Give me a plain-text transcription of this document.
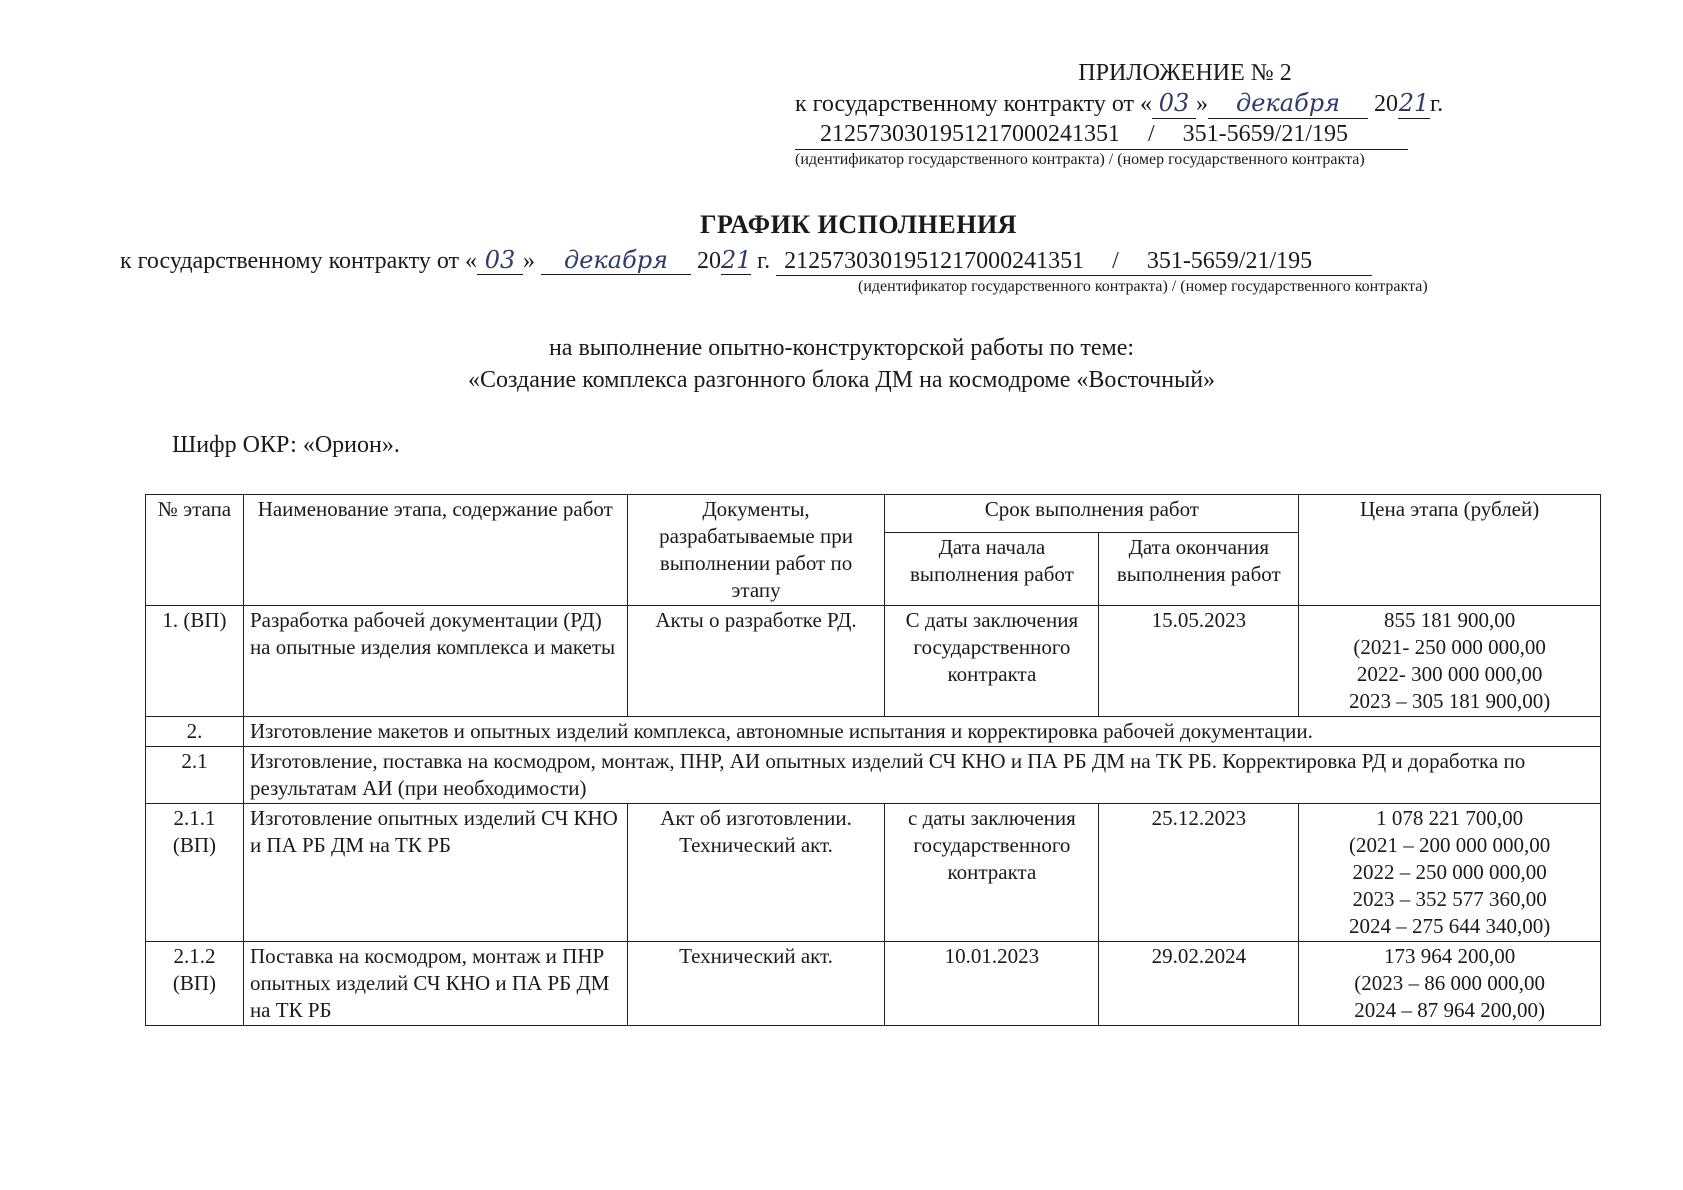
ПРИЛОЖЕНИЕ № 2
к государственному контракту от « 03 » декабря 2021г.
212573030195121700024135​1 / 351-5659/21/195
(идентификатор государственного контракта) / (номер государственного контракта)
ГРАФИК ИСПОЛНЕНИЯ
к государственному контракту от « 03 » декабря 2021 г. 212573030195121700024135​1 / 351-5659/21/195
(идентификатор государственного контракта) / (номер государственного контракта)
на выполнение опытно-конструкторской работы по теме:
«Создание комплекса разгонного блока ДМ на космодроме «Восточный»
Шифр ОКР: «Орион».
№ этапа	Наименование этапа, содержание работ	Документы, разрабатываемые при выполнении работ по этапу	Срок выполнения работ		Цена этапа (рублей)
			Дата начала выполнения работ	Дата окончания выполнения работ	
1. (ВП)	Разработка рабочей документации (РД) на опытные изделия комплекса и макеты	Акты о разработке РД.	С даты заключения государственного контракта	15.05.2023	855 181 900,00
(2021- 250 000 000,00
2022- 300 000 000,00
2023 – 305 181 900,00)

2.	Изготовление макетов и опытных изделий комплекса, автономные испытания и корректировка рабочей документации.				
2.1	Изготовление, поставка на космодром, монтаж, ПНР, АИ опытных изделий СЧ КНО и ПА РБ ДМ на ТК РБ. Корректировка РД и доработка по результатам АИ (при необходимости)				
2.1.1 (ВП)	Изготовление опытных изделий СЧ КНО и ПА РБ ДМ на ТК РБ	Акт об изготовлении. Технический акт.	с даты заключения государственного контракта	25.12.2023	1 078 221 700,00
(2021 – 200 000 000,00
2022 – 250 000 000,00
2023 – 352 577 360,00
2024 – 275 644 340,00)

2.1.2 (ВП)	Поставка на космодром, монтаж и ПНР опытных изделий СЧ КНО и ПА РБ ДМ на ТК РБ	Технический акт.	10.01.2023	29.02.2024	173 964 200,00
(2023 – 86 000 000,00
2024 – 87 964 200,00)
